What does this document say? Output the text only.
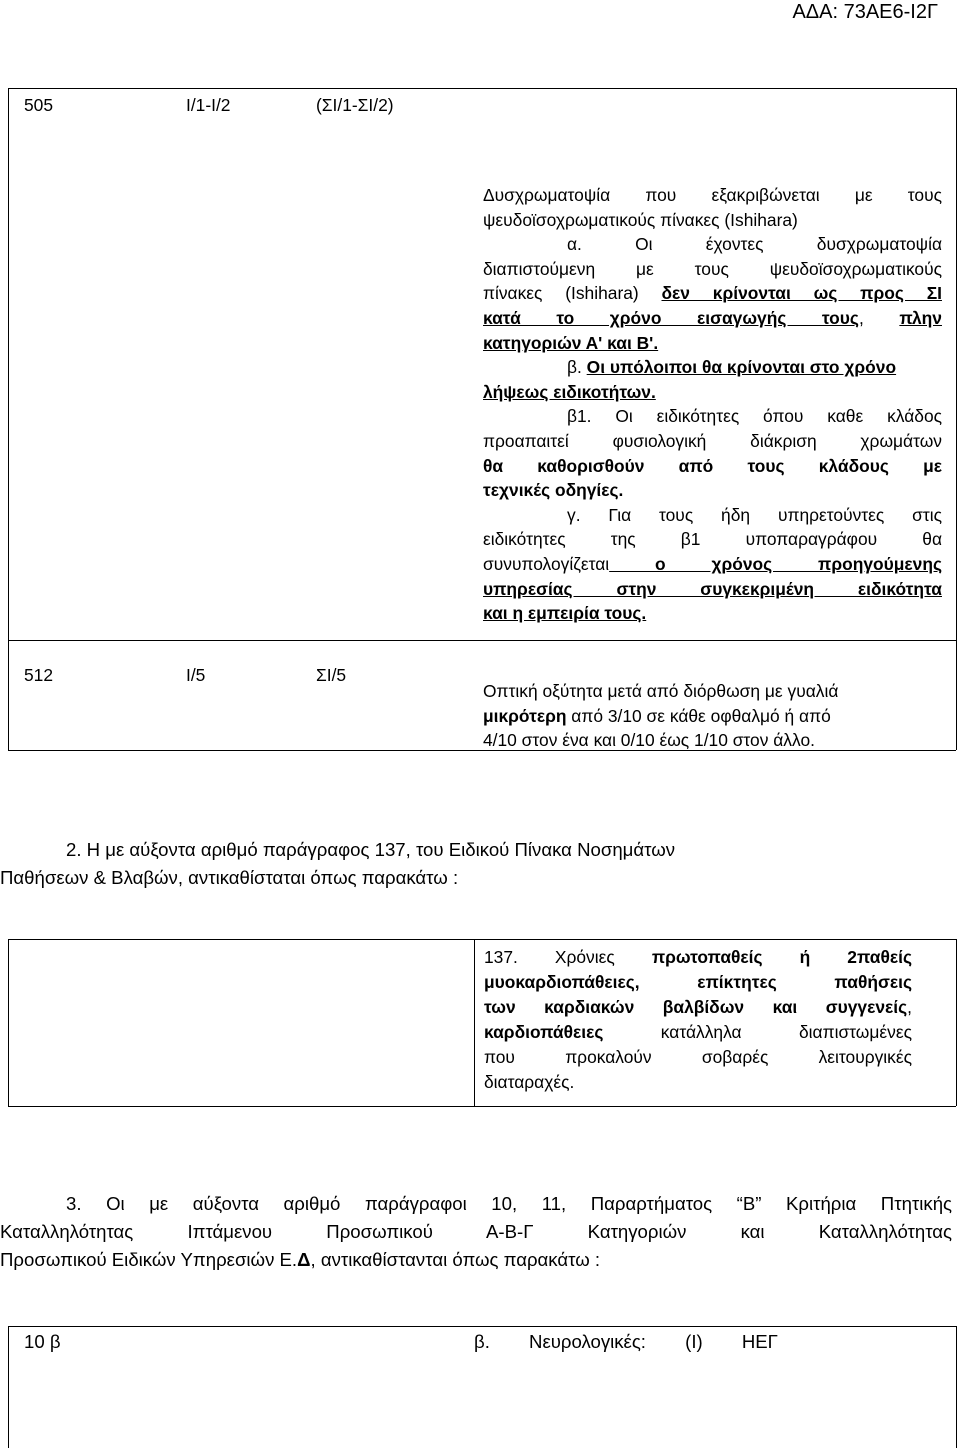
ΑΔΑ: 73ΑΕ6-Ι2Γ
505	Ι/1-Ι/2	(ΣΙ/1-ΣΙ/2)

Δυσχρωματοψία που εξακριβώνεται με τους

ψευδοϊσοχρωματικούς πίνακες (Ishihara)

α. Οι έχοντες δυσχρωματοψία

διαπιστούμενη με τους ψευδοϊσοχρωματικούς

πίνακες (Ishihara) δεν κρίνονται ως προς ΣΙ

κατά το χρόνο εισαγωγής τους, πλην

κατηγοριών Α' και Β'.

β. Οι υπόλοιποι θα κρίνονται στο χρόνο

λήψεως ειδικοτήτων.

β1. Οι ειδικότητες όπου καθε κλάδος

προαπαιτεί φυσιολογική διάκριση χρωμάτων

θα καθορισθούν από τους κλάδους με

τεχνικές οδηγίες.

γ. Για τους ήδη υπηρετούντες στις

ειδικότητες της β1 υποπαραγράφου θα

συνυπολογίζεται ο χρόνος προηγούμενης

υπηρεσίας στην συγκεκριμένη ειδικότητα

και η εμπειρία τους.

512	Ι/5	ΣΙ/5

Οπτική οξύτητα μετά από διόρθωση με γυαλιά

μικρότερη από 3/10 σε κάθε οφθαλμό ή από

4/10 στον ένα και 0/10 έως 1/10 στον άλλο.

2. Η με αύξοντα αριθμό παράγραφος 137, του Ειδικού Πίνακα Νοσημάτων

Παθήσεων & Βλαβών, αντικαθίσταται όπως παρακάτω :

137. Χρόνιες πρωτοπαθείς ή 2παθείς

μυοκαρδιοπάθειες, επίκτητες παθήσεις

των καρδιακών βαλβίδων και συγγενείς,

καρδιοπάθειες κατάλληλα διαπιστωμένες

που προκαλούν σοβαρές λειτουργικές

διαταραχές.

3. Οι με αύξοντα αριθμό παράγραφοι 10, 11, Παραρτήματος “Β” Κριτήρια Πτητικής

Καταλληλότητας Ιπτάμενου Προσωπικού Α-Β-Γ Κατηγοριών και Καταλληλότητας

Προσωπικού Ειδικών Υπηρεσιών Ε.Δ, αντικαθίστανται όπως παρακάτω :

10 β	β. Νευρολογικές: (Ι) ΗΕΓ
